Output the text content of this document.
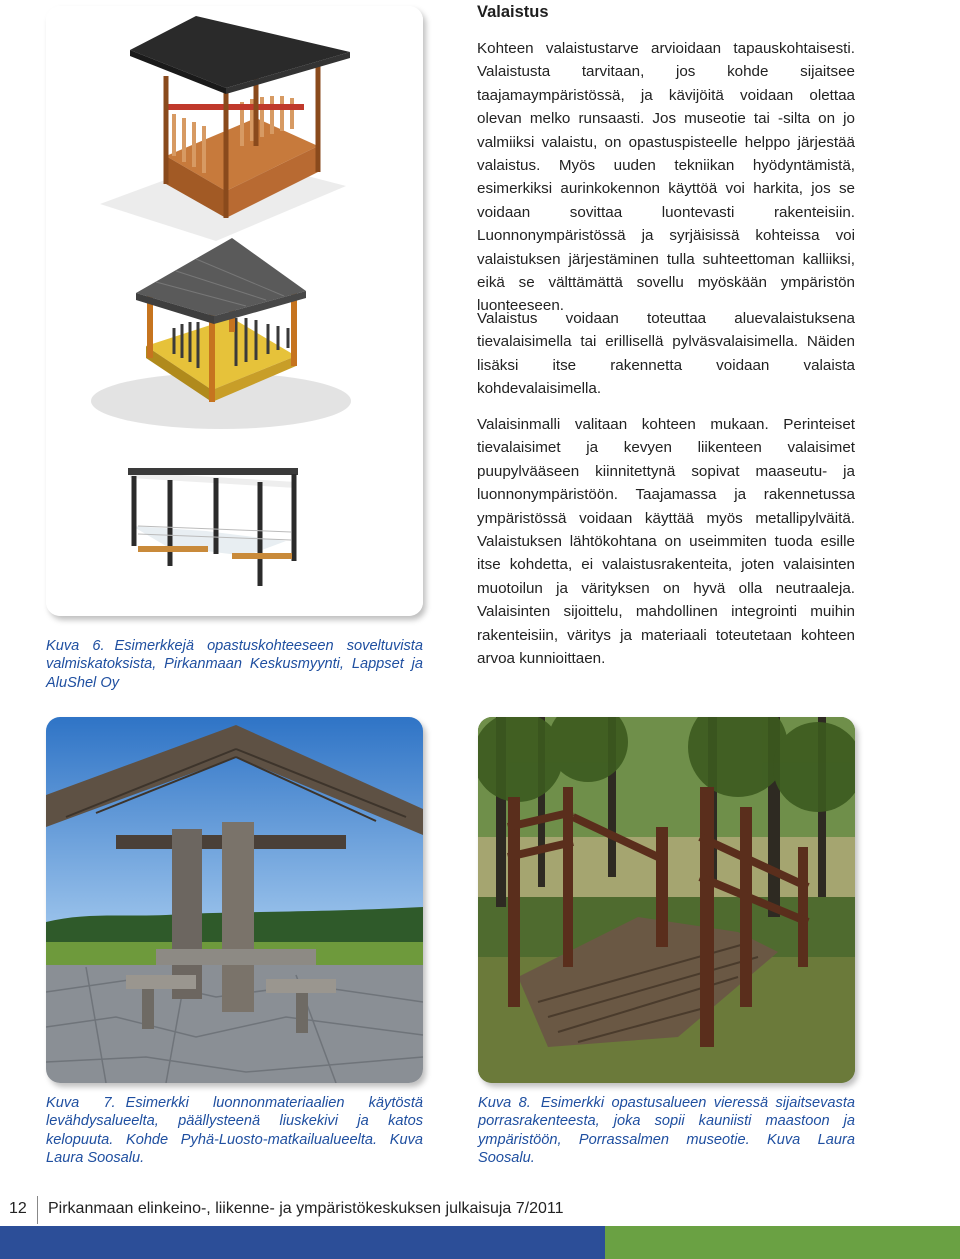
Kuva 6. Esimerkkejä opastuskohteeseen soveltuvista valmiskatoksista, Pirkanmaan Keskusmyynti, Lappset ja AluShel Oy
Valaistus

Kohteen valaistustarve arvioidaan tapauskohtaisesti. Valaistusta tarvitaan, jos kohde sijaitsee taajamaympäristössä, ja kävijöitä voidaan olettaa olevan melko runsaasti. Jos museotie tai -silta on jo valmiiksi valaistu, on opastuspisteelle helppo järjestää valaistus. Myös uuden tekniikan hyödyntämistä, esimerkiksi aurinkokennon käyttöä voi harkita, jos se voidaan sovittaa luontevasti rakenteisiin. Luonnonympäristössä ja syrjäisissä kohteissa voi valaistuksen järjestäminen tulla suhteettoman kalliiksi, eikä se välttämättä sovellu myöskään ympäristön luonteeseen.

Valaistus voidaan toteuttaa aluevalaistuksena tievalaisimella tai erillisellä pylväsvalaisimella. Näiden lisäksi itse rakennetta voidaan valaista kohdevalaisimella.

Valaisinmalli valitaan kohteen mukaan. Perinteiset tievalaisimet ja kevyen liikenteen valaisimet puupylvääseen kiinnitettynä sopivat maaseutu- ja luonnonympäristöön. Taajamassa ja rakennetussa ympäristössä voidaan käyttää myös metallipylväitä. Valaistuksen lähtökohtana on useimmiten tuoda esille itse kohdetta, ei valaistusrakenteita, joten valaisinten muotoilun ja värityksen on hyvä olla neutraaleja. Valaisinten sijoittelu, mahdollinen integrointi muihin rakenteisiin, väritys ja materiaali toteutetaan kohteen arvoa kunnioittaen.

Kuva 7. Esimerkki luonnonmateriaalien käytöstä levähdysalueelta, päällysteenä liuskekivi ja katos kelopuuta. Kohde Pyhä-Luosto-matkailualueelta. Kuva Laura Soosalu.
Kuva 8. Esimerkki opastusalueen vieressä sijaitsevasta porrasrakenteesta, joka sopii kauniisti maastoon ja ympäristöön, Porrassalmen museotie. Kuva Laura Soosalu.
12 Pirkanmaan elinkeino-, liikenne- ja ympäristökeskuksen julkaisuja 7/2011
